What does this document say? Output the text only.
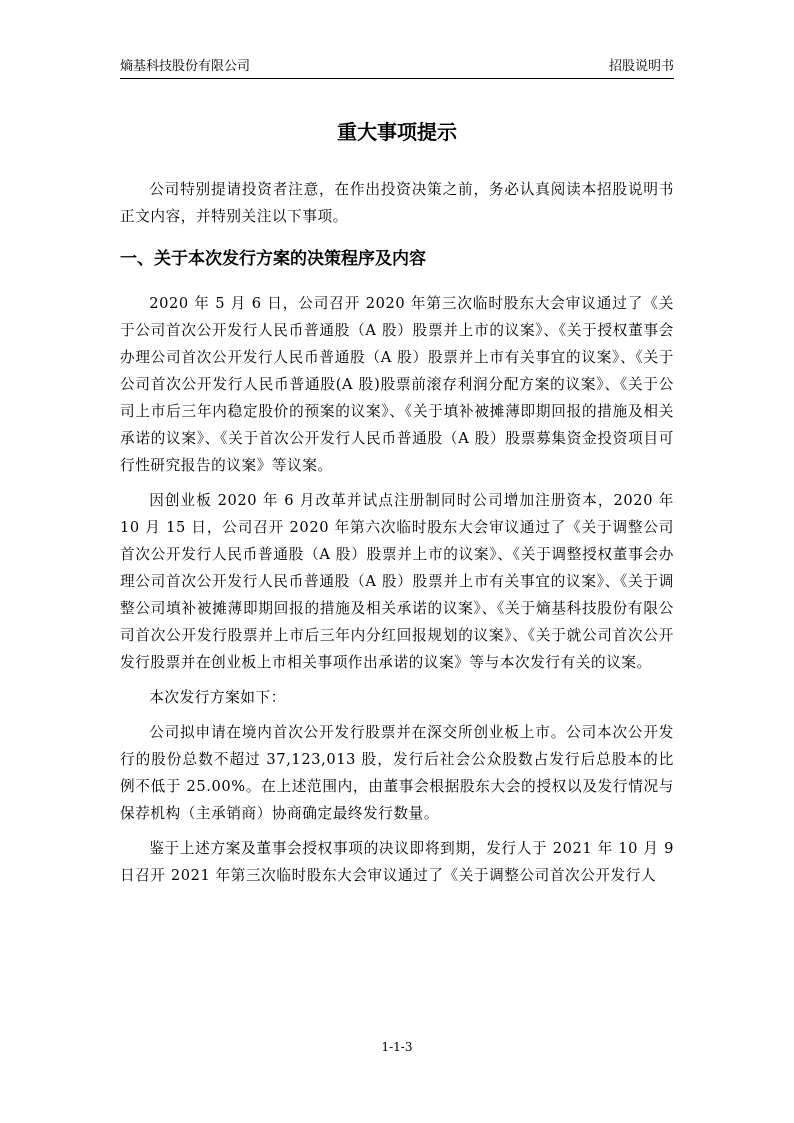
熵基科技股份有限公司	招股说明书
重大事项提示

公司特别提请投资者注意，在作出投资决策之前，务必认真阅读本招股说明书正文内容，并特别关注以下事项。

一、关于本次发行方案的决策程序及内容

2020 年 5 月 6 日，公司召开 2020 年第三次临时股东大会审议通过了《关于公司首次公开发行人民币普通股（A 股）股票并上市的议案》、《关于授权董事会办理公司首次公开发行人民币普通股（A 股）股票并上市有关事宜的议案》、《关于公司首次公开发行人民币普通股(A 股)股票前滚存利润分配方案的议案》、《关于公司上市后三年内稳定股价的预案的议案》、《关于填补被摊薄即期回报的措施及相关承诺的议案》、《关于首次公开发行人民币普通股（A 股）股票募集资金投资项目可行性研究报告的议案》等议案。

因创业板 2020 年 6 月改革并试点注册制同时公司增加注册资本，2020 年 10 月 15 日，公司召开 2020 年第六次临时股东大会审议通过了《关于调整公司首次公开发行人民币普通股（A 股）股票并上市的议案》、《关于调整授权董事会办理公司首次公开发行人民币普通股（A 股）股票并上市有关事宜的议案》、《关于调整公司填补被摊薄即期回报的措施及相关承诺的议案》、《关于熵基科技股份有限公司首次公开发行股票并上市后三年内分红回报规划的议案》、《关于就公司首次公开发行股票并在创业板上市相关事项作出承诺的议案》等与本次发行有关的议案。

本次发行方案如下：

公司拟申请在境内首次公开发行股票并在深交所创业板上市。公司本次公开发行的股份总数不超过 37,123,013 股，发行后社会公众股数占发行后总股本的比例不低于 25.00%。在上述范围内，由董事会根据股东大会的授权以及发行情况与保荐机构（主承销商）协商确定最终发行数量。

鉴于上述方案及董事会授权事项的决议即将到期，发行人于 2021 年 10 月 9 日召开 2021 年第三次临时股东大会审议通过了《关于调整公司首次公开发行人

1-1-3
